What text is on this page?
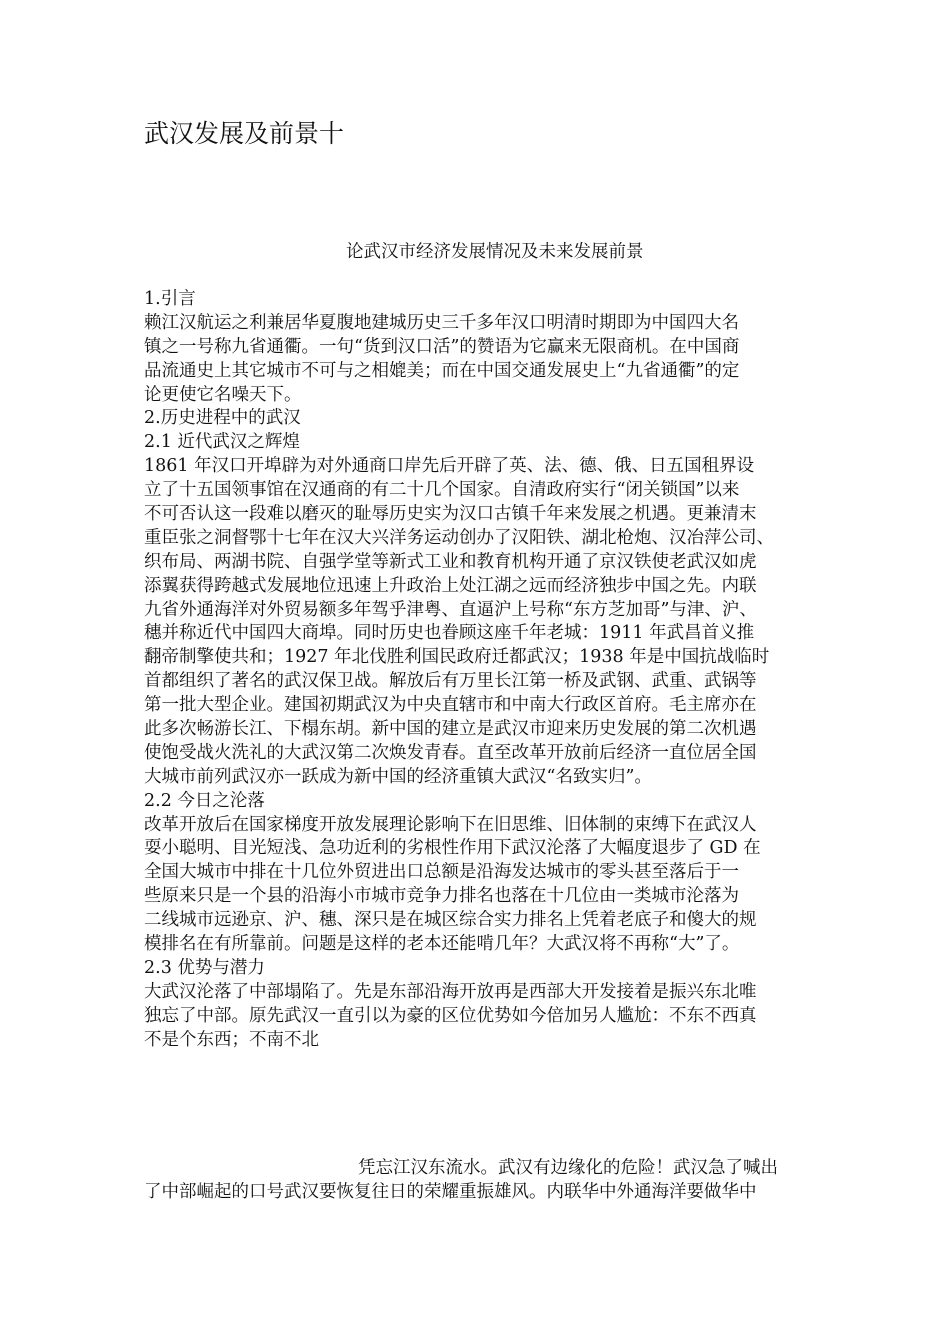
武汉发展及前景十
论武汉市经济发展情况及未来发展前景
1.引言
赖江汉航运之利兼居华夏腹地建城历史三千多年汉口明清时期即为中国四大名
镇之一号称九省通衢。一句“货到汉口活”的赞语为它赢来无限商机。在中国商
品流通史上其它城市不可与之相媲美；而在中国交通发展史上“九省通衢”的定
论更使它名噪天下。
2.历史进程中的武汉
2.1 近代武汉之辉煌
1861 年汉口开埠辟为对外通商口岸先后开辟了英、法、德、俄、日五国租界设
立了十五国领事馆在汉通商的有二十几个国家。自清政府实行“闭关锁国”以来
不可否认这一段难以磨灭的耻辱历史实为汉口古镇千年来发展之机遇。更兼清末
重臣张之洞督鄂十七年在汉大兴洋务运动创办了汉阳铁、湖北枪炮、汉冶萍公司、
织布局、两湖书院、自强学堂等新式工业和教育机构开通了京汉铁使老武汉如虎
添翼获得跨越式发展地位迅速上升政治上处江湖之远而经济独步中国之先。内联
九省外通海洋对外贸易额多年驾乎津粤、直逼沪上号称“东方芝加哥”与津、沪、
穗并称近代中国四大商埠。同时历史也眷顾这座千年老城：1911 年武昌首义推
翻帝制擎使共和；1927 年北伐胜利国民政府迁都武汉；1938 年是中国抗战临时
首都组织了著名的武汉保卫战。解放后有万里长江第一桥及武钢、武重、武锅等
第一批大型企业。建国初期武汉为中央直辖市和中南大行政区首府。毛主席亦在
此多次畅游长江、下榻东胡。新中国的建立是武汉市迎来历史发展的第二次机遇
使饱受战火洗礼的大武汉第二次焕发青春。直至改革开放前后经济一直位居全国
大城市前列武汉亦一跃成为新中国的经济重镇大武汉“名致实归”。
2.2 今日之沦落
改革开放后在国家梯度开放发展理论影响下在旧思维、旧体制的束缚下在武汉人
耍小聪明、目光短浅、急功近利的劣根性作用下武汉沦落了大幅度退步了 GD 在
全国大城市中排在十几位外贸进出口总额是沿海发达城市的零头甚至落后于一
些原来只是一个县的沿海小市城市竞争力排名也落在十几位由一类城市沦落为
二线城市远逊京、沪、穗、深只是在城区综合实力排名上凭着老底子和傻大的规
模排名在有所靠前。问题是这样的老本还能啃几年？大武汉将不再称“大”了。
2.3 优势与潜力
大武汉沦落了中部塌陷了。先是东部沿海开放再是西部大开发接着是振兴东北唯
独忘了中部。原先武汉一直引以为豪的区位优势如今倍加另人尴尬：不东不西真
不是个东西；不南不北
凭忘江汉东流水。武汉有边缘化的危险！武汉急了喊出
了中部崛起的口号武汉要恢复往日的荣耀重振雄风。内联华中外通海洋要做华中
